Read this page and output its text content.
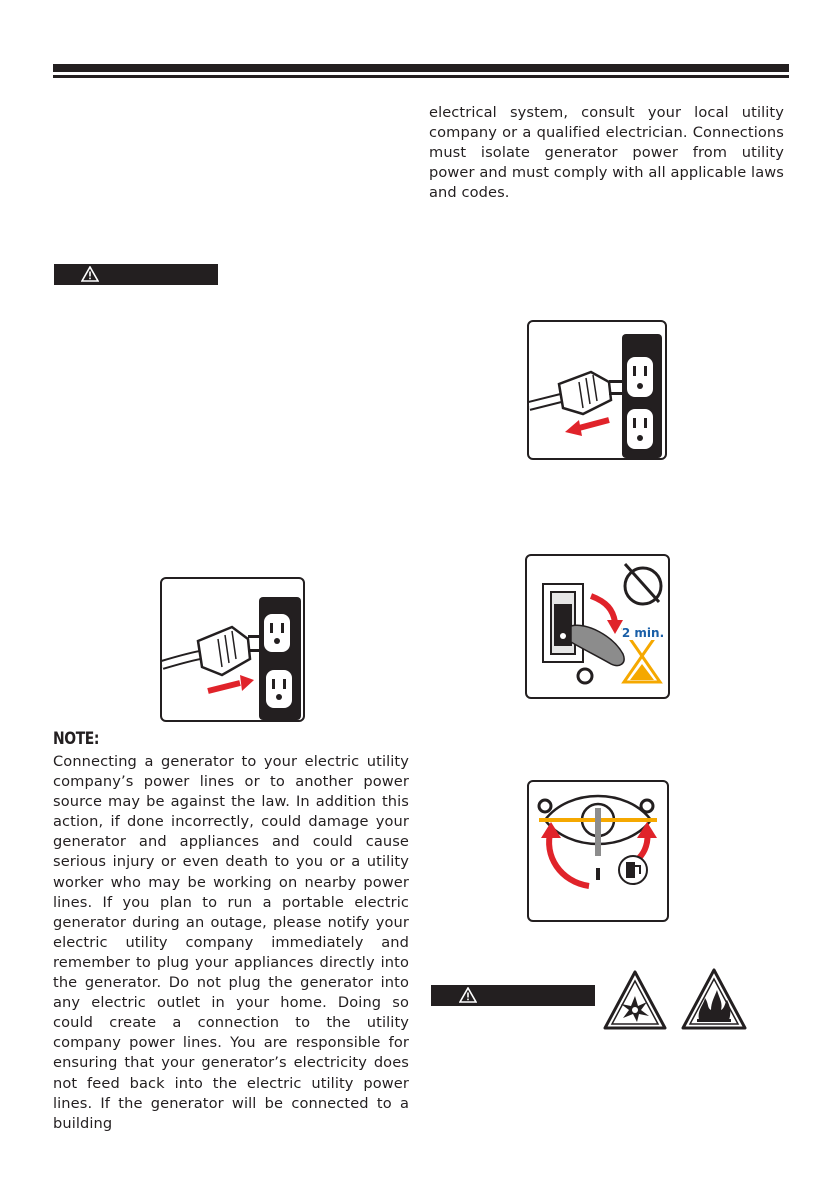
electrical system, consult your local utility company or a qualified electrician. Connections must isolate generator power from utility power and must comply with all applicable laws and codes.

NOTE:

Connecting a generator to your electric utility company’s power lines or to another power source may be against the law. In addition this action, if done incorrectly, could damage your generator and appliances and could cause serious injury or even death to you or a utility worker who may be working on nearby power lines. If you plan to run a portable electric generator during an outage, please notify your electric utility company immediately and remember to plug your appliances directly into the generator. Do not plug the generator into any electric outlet in your home. Doing so could create a connection to the utility company power lines. You are responsible for ensuring that your generator’s electricity does not feed back into the electric utility power lines. If the generator will be connected to a building

2 min.
